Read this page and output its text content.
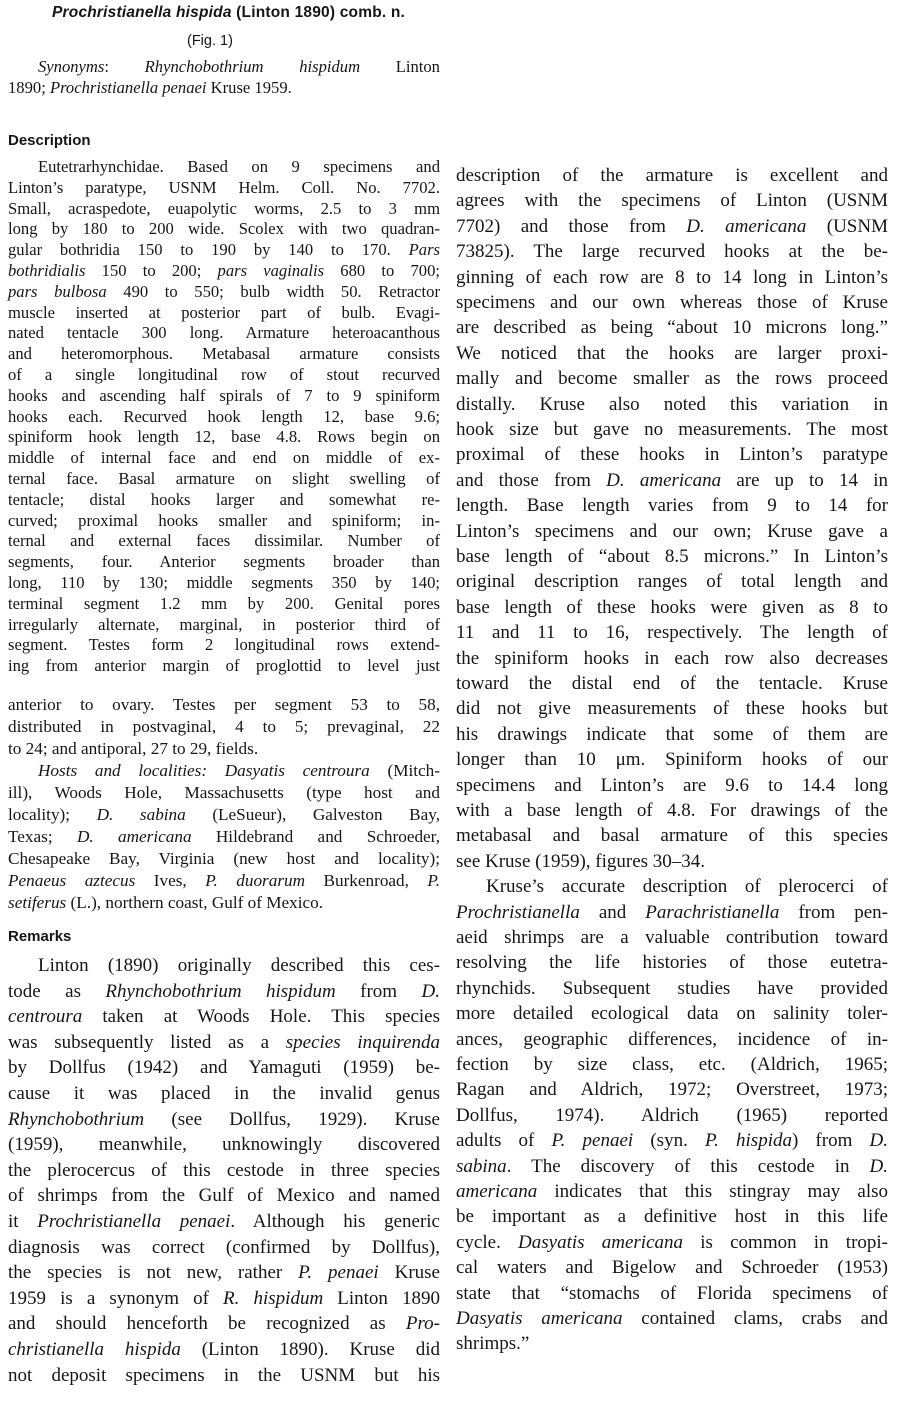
Prochristianella hispida (Linton 1890) comb. n.
(Fig. 1)
Synonyms: Rhynchobothrium hispidum Linton
1890; Prochristianella penaei Kruse 1959.
Description
Eutetrarhynchidae. Based on 9 specimens and
Linton’s paratype, USNM Helm. Coll. No. 7702.
Small, acraspedote, euapolytic worms, 2.5 to 3 mm
long by 180 to 200 wide. Scolex with two quadran-
gular bothridia 150 to 190 by 140 to 170. Pars
bothridialis 150 to 200; pars vaginalis 680 to 700;
pars bulbosa 490 to 550; bulb width 50. Retractor
muscle inserted at posterior part of bulb. Evagi-
nated tentacle 300 long. Armature heteroacanthous
and heteromorphous. Metabasal armature consists
of a single longitudinal row of stout recurved
hooks and ascending half spirals of 7 to 9 spiniform
hooks each. Recurved hook length 12, base 9.6;
spiniform hook length 12, base 4.8. Rows begin on
middle of internal face and end on middle of ex-
ternal face. Basal armature on slight swelling of
tentacle; distal hooks larger and somewhat re-
curved; proximal hooks smaller and spiniform; in-
ternal and external faces dissimilar. Number of
segments, four. Anterior segments broader than
long, 110 by 130; middle segments 350 by 140;
terminal segment 1.2 mm by 200. Genital pores
irregularly alternate, marginal, in posterior third of
segment. Testes form 2 longitudinal rows extend-
ing from anterior margin of proglottid to level just
anterior to ovary. Testes per segment 53 to 58,
distributed in postvaginal, 4 to 5; prevaginal, 22
to 24; and antiporal, 27 to 29, fields.
Hosts and localities: Dasyatis centroura (Mitch-
ill), Woods Hole, Massachusetts (type host and
locality); D. sabina (LeSueur), Galveston Bay,
Texas; D. americana Hildebrand and Schroeder,
Chesapeake Bay, Virginia (new host and locality);
Penaeus aztecus Ives, P. duorarum Burkenroad, P.
setiferus (L.), northern coast, Gulf of Mexico.
Remarks
Linton (1890) originally described this ces-
tode as Rhynchobothrium hispidum from D.
centroura taken at Woods Hole. This species
was subsequently listed as a species inquirenda
by Dollfus (1942) and Yamaguti (1959) be-
cause it was placed in the invalid genus
Rhynchobothrium (see Dollfus, 1929). Kruse
(1959), meanwhile, unknowingly discovered
the plerocercus of this cestode in three species
of shrimps from the Gulf of Mexico and named
it Prochristianella penaei. Although his generic
diagnosis was correct (confirmed by Dollfus),
the species is not new, rather P. penaei Kruse
1959 is a synonym of R. hispidum Linton 1890
and should henceforth be recognized as Pro-
christianella hispida (Linton 1890). Kruse did
not deposit specimens in the USNM but his
description of the armature is excellent and
agrees with the specimens of Linton (USNM
7702) and those from D. americana (USNM
73825). The large recurved hooks at the be-
ginning of each row are 8 to 14 long in Linton’s
specimens and our own whereas those of Kruse
are described as being “about 10 microns long.”
We noticed that the hooks are larger proxi-
mally and become smaller as the rows proceed
distally. Kruse also noted this variation in
hook size but gave no measurements. The most
proximal of these hooks in Linton’s paratype
and those from D. americana are up to 14 in
length. Base length varies from 9 to 14 for
Linton’s specimens and our own; Kruse gave a
base length of “about 8.5 microns.” In Linton’s
original description ranges of total length and
base length of these hooks were given as 8 to
11 and 11 to 16, respectively. The length of
the spiniform hooks in each row also decreases
toward the distal end of the tentacle. Kruse
did not give measurements of these hooks but
his drawings indicate that some of them are
longer than 10 μm. Spiniform hooks of our
specimens and Linton’s are 9.6 to 14.4 long
with a base length of 4.8. For drawings of the
metabasal and basal armature of this species
see Kruse (1959), figures 30–34.
Kruse’s accurate description of plerocerci of
Prochristianella and Parachristianella from pen-
aeid shrimps are a valuable contribution toward
resolving the life histories of those eutetra-
rhynchids. Subsequent studies have provided
more detailed ecological data on salinity toler-
ances, geographic differences, incidence of in-
fection by size class, etc. (Aldrich, 1965;
Ragan and Aldrich, 1972; Overstreet, 1973;
Dollfus, 1974). Aldrich (1965) reported
adults of P. penaei (syn. P. hispida) from D.
sabina. The discovery of this cestode in D.
americana indicates that this stingray may also
be important as a definitive host in this life
cycle. Dasyatis americana is common in tropi-
cal waters and Bigelow and Schroeder (1953)
state that “stomachs of Florida specimens of
Dasyatis americana contained clams, crabs and
shrimps.”
